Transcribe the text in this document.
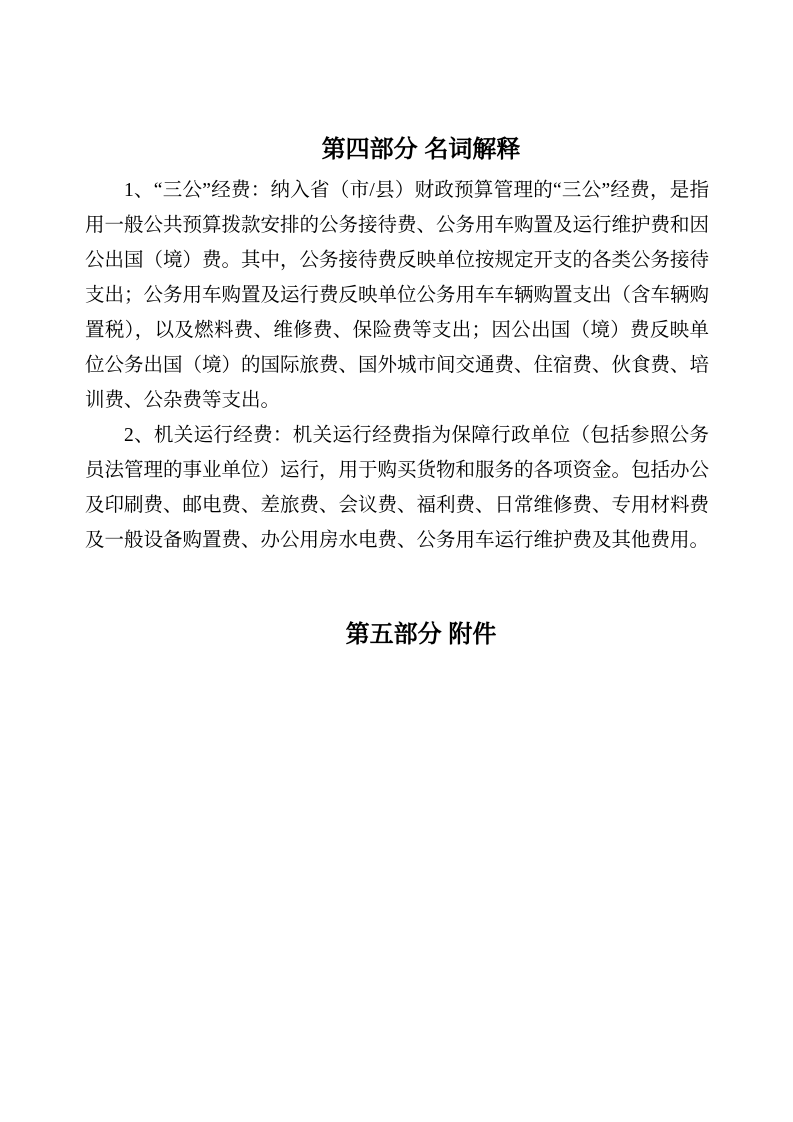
第四部分 名词解释

1、“三公”经费：纳入省（市/县）财政预算管理的“三公”经费，是指用一般公共预算拨款安排的公务接待费、公务用车购置及运行维护费和因公出国（境）费。其中，公务接待费反映单位按规定开支的各类公务接待支出；公务用车购置及运行费反映单位公务用车车辆购置支出（含车辆购置税），以及燃料费、维修费、保险费等支出；因公出国（境）费反映单位公务出国（境）的国际旅费、国外城市间交通费、住宿费、伙食费、培训费、公杂费等支出。

2、机关运行经费：机关运行经费指为保障行政单位（包括参照公务员法管理的事业单位）运行，用于购买货物和服务的各项资金。包括办公及印刷费、邮电费、差旅费、会议费、福利费、日常维修费、专用材料费及一般设备购置费、办公用房水电费、公务用车运行维护费及其他费用。

第五部分 附件
